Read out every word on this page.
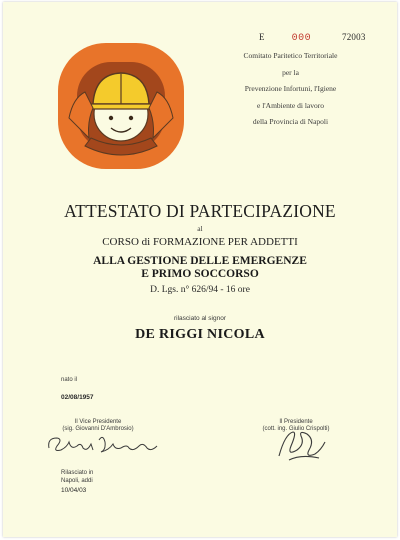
E	000	72003
Comitato Paritetico Territoriale
per la
Prevenzione Infortuni, l'Igiene
e l'Ambiente di lavoro
della Provincia di Napoli
ATTESTATO DI PARTECIPAZIONE
al
CORSO di FORMAZIONE PER ADDETTI
ALLA GESTIONE DELLE EMERGENZE
E PRIMO SOCCORSO
D. Lgs. n° 626/94 - 16 ore
rilasciato al signor
DE RIGGI NICOLA
nato il
02/08/1957
Il Vice Presidente
(sig. Giovanni D'Ambrosio)
Il Presidente
(cott. ing. Giulio Crispolti)
Rilasciato in
Napoli, addi
10/04/03
